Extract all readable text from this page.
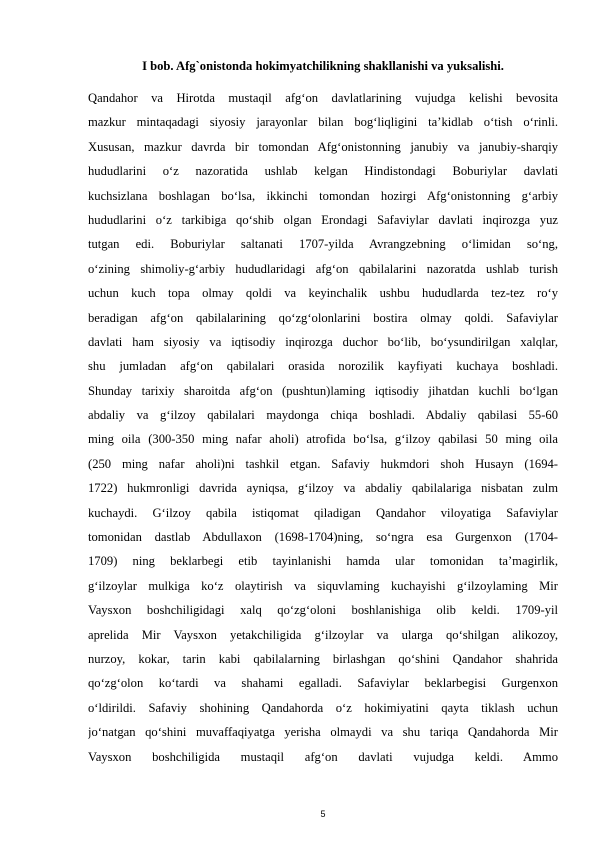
I bob. Afg`onistonda hokimyatchilikning shakllanishi va yuksalishi.
Qandahor va Hirotda mustaqil afg‘on davlatlarining vujudga kelishi bevosita
mazkur mintaqadagi siyosiy jarayonlar bilan bog‘liqligini ta’kidlab o‘tish o‘rinli.
Xususan, mazkur davrda bir tomondan Afg‘onistonning janubiy va janubiy-sharqiy
hududlarini o‘z nazoratida ushlab kelgan Hindistondagi Boburiylar davlati
kuchsizlana boshlagan bo‘lsa, ikkinchi tomondan hozirgi Afg‘onistonning g‘arbiy
hududlarini o‘z tarkibiga qo‘shib olgan Erondagi Safaviylar davlati inqirozga yuz
tutgan edi. Boburiylar saltanati 1707-yilda Avrangzebning o‘limidan so‘ng,
o‘zining shimoliy-g‘arbiy hududlaridagi afg‘on qabilalarini nazoratda ushlab turish
uchun kuch topa olmay qoldi va keyinchalik ushbu hududlarda tez-tez ro‘y
beradigan afg‘on qabilalarining qo‘zg‘olonlarini bostira olmay qoldi. Safaviylar
davlati ham siyosiy va iqtisodiy inqirozga duchor bo‘lib, bo‘ysundirilgan xalqlar,
shu jumladan afg‘on qabilalari orasida norozilik kayfiyati kuchaya boshladi.
Shunday tarixiy sharoitda afg‘on (pushtun)laming iqtisodiy jihatdan kuchli bo‘lgan
abdaliy va g‘ilzoy qabilalari maydonga chiqa boshladi. Abdaliy qabilasi 55-60
ming oila (300-350 ming nafar aholi) atrofida bo‘lsa, g‘ilzoy qabilasi 50 ming oila
(250 ming nafar aholi)ni tashkil etgan. Safaviy hukmdori shoh Husayn (1694-
1722) hukmronligi davrida ayniqsa, g‘ilzoy va abdaliy qabilalariga nisbatan zulm
kuchaydi. G‘ilzoy qabila istiqomat qiladigan Qandahor viloyatiga Safaviylar
tomonidan dastlab Abdullaxon (1698-1704)ning, so‘ngra esa Gurgenxon (1704-
1709) ning beklarbegi etib tayinlanishi hamda ular tomonidan ta’magirlik,
g‘ilzoylar mulkiga ko‘z olaytirish va siquvlaming kuchayishi g‘ilzoylaming Mir
Vaysxon boshchiligidagi xalq qo‘zg‘oloni boshlanishiga olib keldi. 1709-yil
aprelida Mir Vaysxon yetakchiligida g‘ilzoylar va ularga qo‘shilgan alikozoy,
nurzoy, kokar, tarin kabi qabilalarning birlashgan qo‘shini Qandahor shahrida
qo‘zg‘olon ko‘tardi va shahami egalladi. Safaviylar beklarbegisi Gurgenxon
o‘ldirildi. Safaviy shohining Qandahorda o‘z hokimiyatini qayta tiklash uchun
jo‘natgan qo‘shini muvaffaqiyatga yerisha olmaydi va shu tariqa Qandahorda Mir
Vaysxon boshchiligida mustaqil afg‘on davlati vujudga keldi. Ammo
5
